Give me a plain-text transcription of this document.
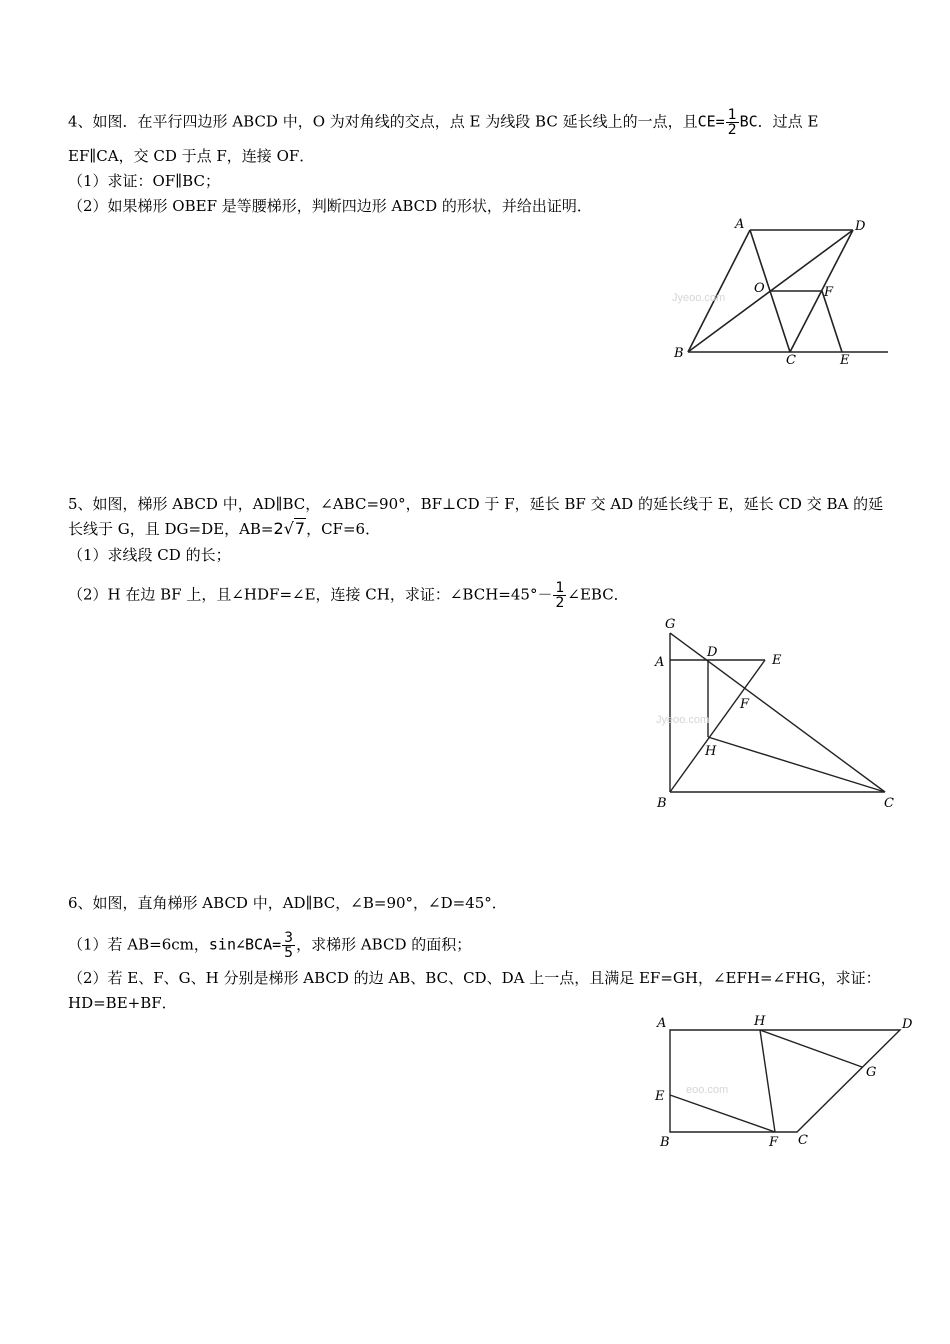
4、如图．在平行四边形 ABCD 中，O 为对角线的交点，点 E 为线段 BC 延长线上的一点，且$CE= \frac{1}{2}$ BC．过点 E
EF∥CA，交 CD 于点 F，连接 OF．
（1）求证：OF∥BC；
（2）如果梯形 OBEF 是等腰梯形，判断四边形 ABCD 的形状，并给出证明．
Jyeoo.com
A	D
O	F
B	C	E
5、如图，梯形 ABCD 中，AD∥BC，∠ABC=90°，BF⊥CD 于 F，延长 BF 交 AD 的延长线于 E，延长 CD 交 BA 的延
长线于 G，且 DG=DE，AB=2√7，CF=6．
（1）求线段 CD 的长；
（2）H 在边 BF 上，且∠HDF=∠E，连接 CH，求证：∠BCH=45°－ $\frac{1}{2}$ ∠EBC．
Jyeoo.com
G
A
D
E
F
H
B	C
6、如图，直角梯形 ABCD 中，AD∥BC，∠B=90°，∠D=45°．
（1）若 AB=6cm，sin∠BCA= $\frac{3}{5}$ ，求梯形 ABCD 的面积；
（2）若 E、F、G、H 分别是梯形 ABCD 的边 AB、BC、CD、DA 上一点，且满足 EF=GH，∠EFH=∠FHG，求证：
HD=BE+BF．
eoo.com
A	H	D
G
E
B	F C
